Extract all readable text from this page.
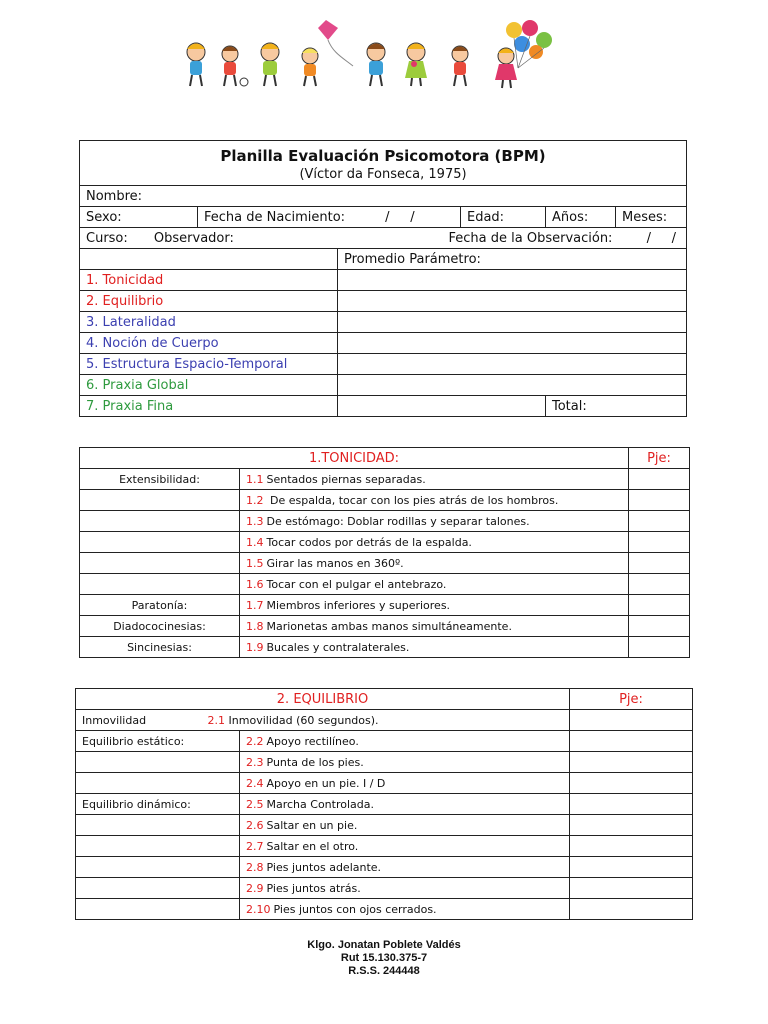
Planilla Evaluación Psicomotora (BPM)
(Víctor da Fonseca, 1975)					

Nombre:					
Sexo:	Fecha de Nacimiento: /     /		Edad:	Años:	Meses:
Curso: Observador: Fecha de la Observación: /     /					

		Promedio Parámetro:			
1. Tonicidad					
2. Equilibrio					
3. Lateralidad					
4. Noción de Cuerpo					
5. Estructura Espacio-Temporal					
6. Praxia Global					
7. Praxia Fina				Total:	
1.TONICIDAD:		Pje:
Extensibilidad:	1.1 Sentados piernas separadas.	
	1.2 De espalda, tocar con los pies atrás de los hombros.	
	1.3 De estómago: Doblar rodillas y separar talones.	
	1.4 Tocar codos por detrás de la espalda.	
	1.5 Girar las manos en 360º.	
	1.6 Tocar con el pulgar el antebrazo.	
Paratonía:	1.7 Miembros inferiores y superiores.	
Diadococinesias:	1.8 Marionetas ambas manos simultáneamente.	
Sincinesias:	1.9 Bucales y contralaterales.	
2. EQUILIBRIO		Pje:
Inmovilidad 2.1 Inmovilidad (60 segundos).		
Equilibrio estático:	2.2 Apoyo rectilíneo.	
	2.3 Punta de los pies.	
	2.4 Apoyo en un pie. I / D	
Equilibrio dinámico:	2.5 Marcha Controlada.	
	2.6 Saltar en un pie.	
	2.7 Saltar en el otro.	
	2.8 Pies juntos adelante.	
	2.9 Pies juntos atrás.	
	2.10 Pies juntos con ojos cerrados.	
Klgo. Jonatan Poblete Valdés
Rut 15.130.375-7
R.S.S. 244448
